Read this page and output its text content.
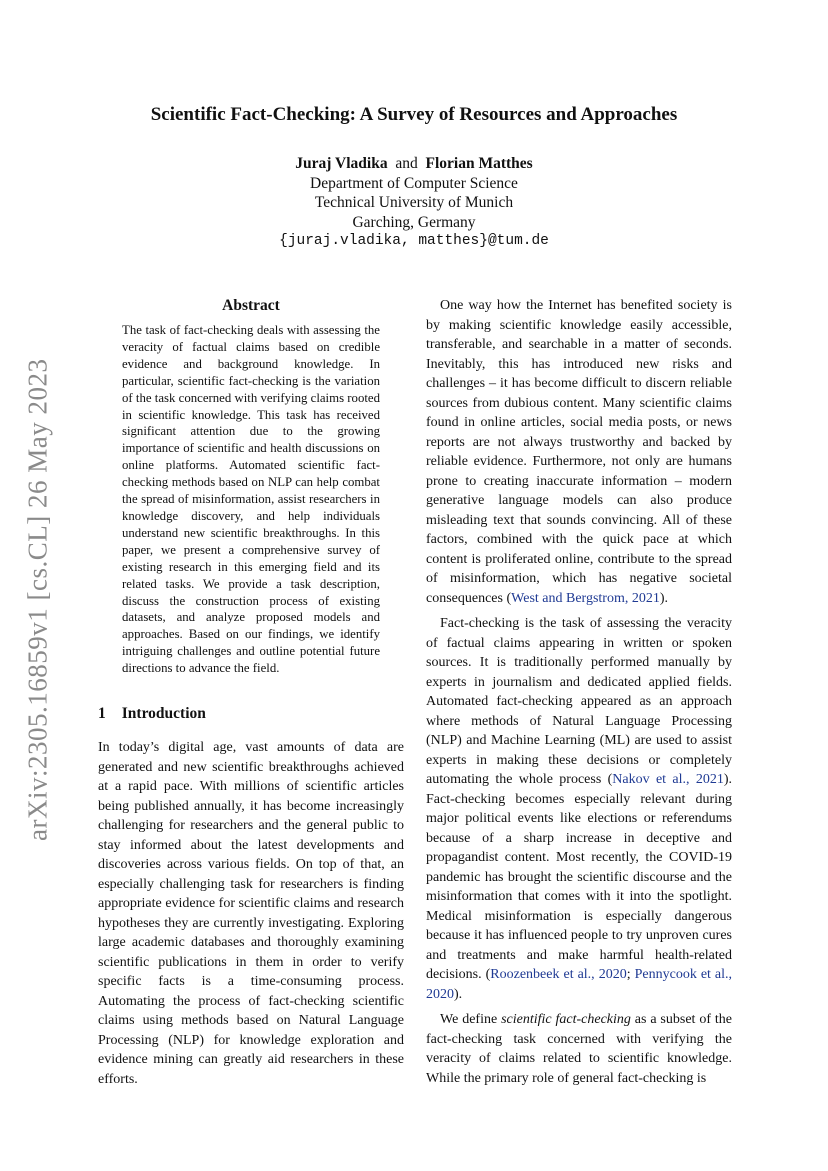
arXiv:2305.16859v1 [cs.CL] 26 May 2023
Scientific Fact-Checking: A Survey of Resources and Approaches
Juraj Vladika and Florian Matthes
Department of Computer Science
Technical University of Munich
Garching, Germany
{juraj.vladika, matthes}@tum.de
Abstract

The task of fact-checking deals with assessing the veracity of factual claims based on credible evidence and background knowledge. In particular, scientific fact-checking is the variation of the task concerned with verifying claims rooted in scientific knowledge. This task has received significant attention due to the growing importance of scientific and health discussions on online platforms. Automated scientific fact-checking methods based on NLP can help combat the spread of misinformation, assist researchers in knowledge discovery, and help individuals understand new scientific breakthroughs. In this paper, we present a comprehensive survey of existing research in this emerging field and its related tasks. We provide a task description, discuss the construction process of existing datasets, and analyze proposed models and approaches. Based on our findings, we identify intriguing challenges and outline potential future directions to advance the field.

1 Introduction

In today’s digital age, vast amounts of data are generated and new scientific breakthroughs achieved at a rapid pace. With millions of scientific articles being published annually, it has become increasingly challenging for researchers and the general public to stay informed about the latest developments and discoveries across various fields. On top of that, an especially challenging task for researchers is finding appropriate evidence for scientific claims and research hypotheses they are currently investigating. Exploring large academic databases and thoroughly examining scientific publications in them in order to verify specific facts is a time-consuming process. Automating the process of fact-checking scientific claims using methods based on Natural Language Processing (NLP) for knowledge exploration and evidence mining can greatly aid researchers in these efforts.

One way how the Internet has benefited society is by making scientific knowledge easily accessible, transferable, and searchable in a matter of seconds. Inevitably, this has introduced new risks and challenges – it has become difficult to discern reliable sources from dubious content. Many scientific claims found in online articles, social media posts, or news reports are not always trustworthy and backed by reliable evidence. Furthermore, not only are humans prone to creating inaccurate information – modern generative language models can also produce misleading text that sounds convincing. All of these factors, combined with the quick pace at which content is proliferated online, contribute to the spread of misinformation, which has negative societal consequences (West and Bergstrom, 2021).

Fact-checking is the task of assessing the veracity of factual claims appearing in written or spoken sources. It is traditionally performed manually by experts in journalism and dedicated applied fields. Automated fact-checking appeared as an approach where methods of Natural Language Processing (NLP) and Machine Learning (ML) are used to assist experts in making these decisions or completely automating the whole process (Nakov et al., 2021). Fact-checking becomes especially relevant during major political events like elections or referendums because of a sharp increase in deceptive and propagandist content. Most recently, the COVID-19 pandemic has brought the scientific discourse and the misinformation that comes with it into the spotlight. Medical misinformation is especially dangerous because it has influenced people to try unproven cures and treatments and make harmful health-related decisions. (Roozenbeek et al., 2020; Pennycook et al., 2020).

We define scientific fact-checking as a subset of the fact-checking task concerned with verifying the veracity of claims related to scientific knowledge. While the primary role of general fact-checking is
